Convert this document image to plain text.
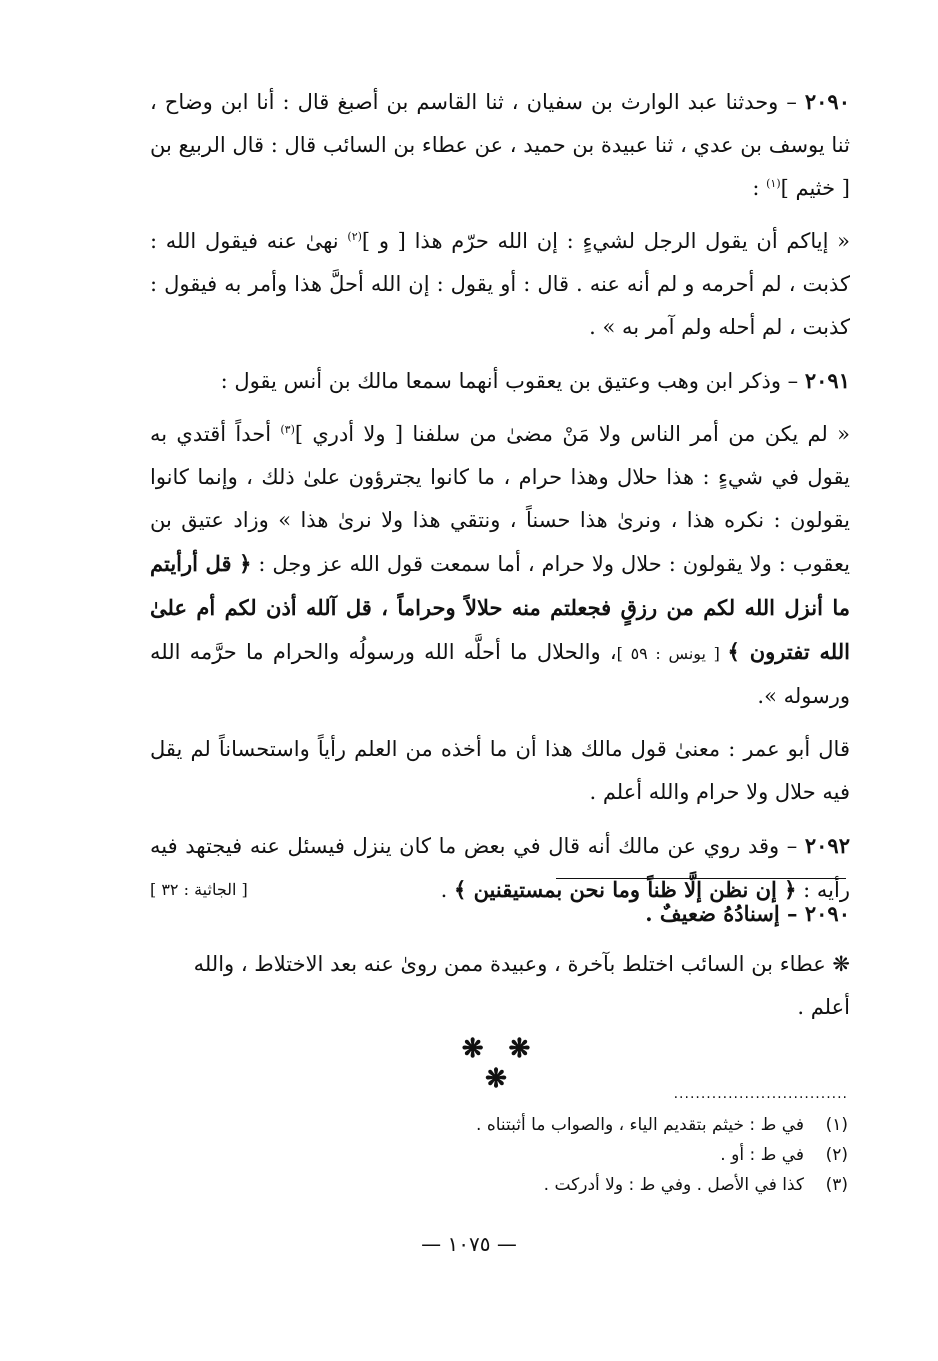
٢٠٩٠ – وحدثنا عبد الوارث بن سفيان ، ثنا القاسم بن أصبغ قال : أنا ابن وضاح ، ثنا يوسف بن عدي ، ثنا عبيدة بن حميد ، عن عطاء بن السائب قال : قال الربيع بن [ خثيم ]$^{(١)}$ :

« إياكم أن يقول الرجل لشيءٍ : إن الله حرّم هذا [ و ]$^{(٢)}$ نهىٰ عنه فيقول الله : كذبت ، لم أحرمه و لم أنه عنه . قال : أو يقول : إن الله أحلَّ هذا وأمر به فيقول : كذبت ، لم أحله ولم آمر به » .

٢٠٩١ – وذكر ابن وهب وعتيق بن يعقوب أنهما سمعا مالك بن أنس يقول :

« لم يكن من أمر الناس ولا مَنْ مضىٰ من سلفنا [ ولا أدري ]$^{(٣)}$ أحداً أقتدي به يقول في شيءٍ : هذا حلال وهذا حرام ، ما كانوا يجترؤون علىٰ ذلك ، وإنما كانوا يقولون : نكره هذا ، ونرىٰ هذا حسناً ، ونتقي هذا ولا نرىٰ هذا » وزاد عتيق بن يعقوب : ولا يقولون : حلال ولا حرام ، أما سمعت قول الله عز وجل : ﴿ قل أرأيتم ما أنزل الله لكم من رزقٍ فجعلتم منه حلالاً وحراماً ، قل آلله أذن لكم أم علىٰ الله تفترون ﴾ [ يونس : ٥٩ ]، والحلال ما أحلَّه الله ورسولُه والحرام ما حرَّمه الله ورسوله ».

قال أبو عمر : معنىٰ قول مالك هذا أن ما أخذه من العلم رأياً واستحساناً لم يقل فيه حلال ولا حرام والله أعلم .

٢٠٩٢ – وقد روي عن مالك أنه قال في بعض ما كان ينزل فيسئل عنه فيجتهد فيه رأيه : ﴿ إن نظن إلَّا ظناً وما نحن بمستيقنين ﴾ .
[ الجاثية : ٣٢ ]

٢٠٩٠ – إسنادُهُ ضعيفٌ .

❋ عطاء بن السائب اختلط بآخرة ، وعبيدة ممن روىٰ عنه بعد الاختلاط ، والله أعلم .

❋ ❋ ❋	................................

(١)في ط : خيثم بتقديم الياء ، والصواب ما أثبتناه .

(٢)في ط : أو .

(٣)كذا في الأصل . وفي ط : ولا أدركت .

— ١٠٧٥ —
